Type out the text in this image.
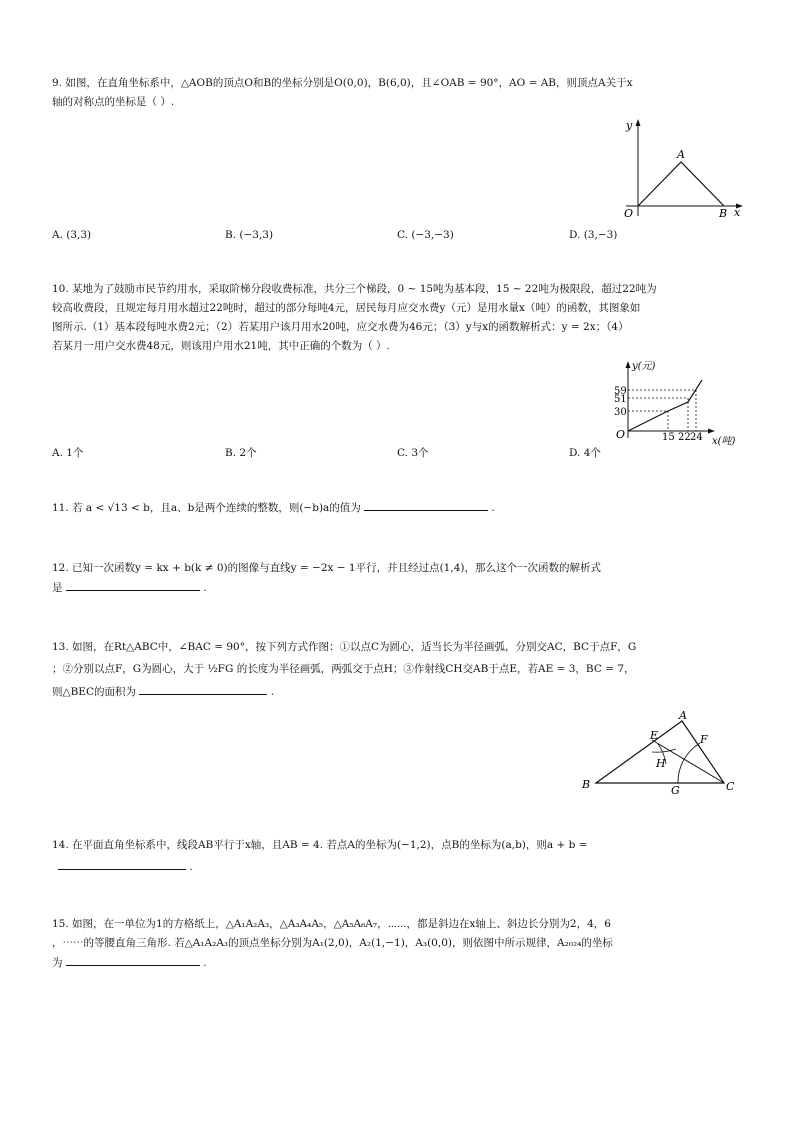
9. 如图，在直角坐标系中，△AOB的顶点O和B的坐标分别是O(0,0)，B(6,0)，且∠OAB = 90°，AO = AB，则顶点A关于x

轴的对称点的坐标是（ ）.

y
x
A
O	B
A. (3,3)	B. (−3,3)	C. (−3,−3)	D. (3,−3)

10. 某地为了鼓励市民节约用水，采取阶梯分段收费标准，共分三个梯段，0 ~ 15吨为基本段，15 ~ 22吨为极限段，超过22吨为

较高收费段，且规定每月用水超过22吨时，超过的部分每吨4元，居民每月应交水费y（元）是用水量x（吨）的函数，其图象如

图所示.（1）基本段每吨水费2元；（2）若某用户该月用水20吨，应交水费为46元；（3）y与x的函数解析式：y = 2x；（4）

若某月一用户交水费48元，则该用户用水21吨，其中正确的个数为（ ）.

y(元)
59
51
30
O	15 22 24 x(吨)
A. 1个	B. 2个	C. 3个	D. 4个

11. 若 a < √13 < b，且a、b是两个连续的整数，则(−b)a的值为	.

12. 已知一次函数y = kx + b(k ≠ 0)的图像与直线y = −2x − 1平行，并且经过点(1,4)，那么这个一次函数的解析式

是	.

13. 如图，在Rt△ABC中，∠BAC = 90°，按下列方式作图：①以点C为圆心，适当长为半径画弧，分别交AC，BC于点F，G

；②分别以点F，G为圆心，大于 ½FG 的长度为半径画弧，两弧交于点H；③作射线CH交AB于点E，若AE = 3，BC = 7，

则△BEC的面积为	.

A
B	C
E	F
G
H

14. 在平面直角坐标系中，线段AB平行于x轴，且AB = 4. 若点A的坐标为(−1,2)，点B的坐标为(a,b)，则a + b =

.

15. 如图，在一单位为1的方格纸上，△A₁A₂A₃，△A₃A₄A₅，△A₅A₆A₇，⋯⋯，都是斜边在x轴上、斜边长分别为2，4，6

，⋯⋯的等腰直角三角形. 若△A₁A₂A₃的顶点坐标分别为A₁(2,0)，A₂(1,−1)，A₃(0,0)，则依图中所示规律，A₂₀₂₄的坐标

为	.
